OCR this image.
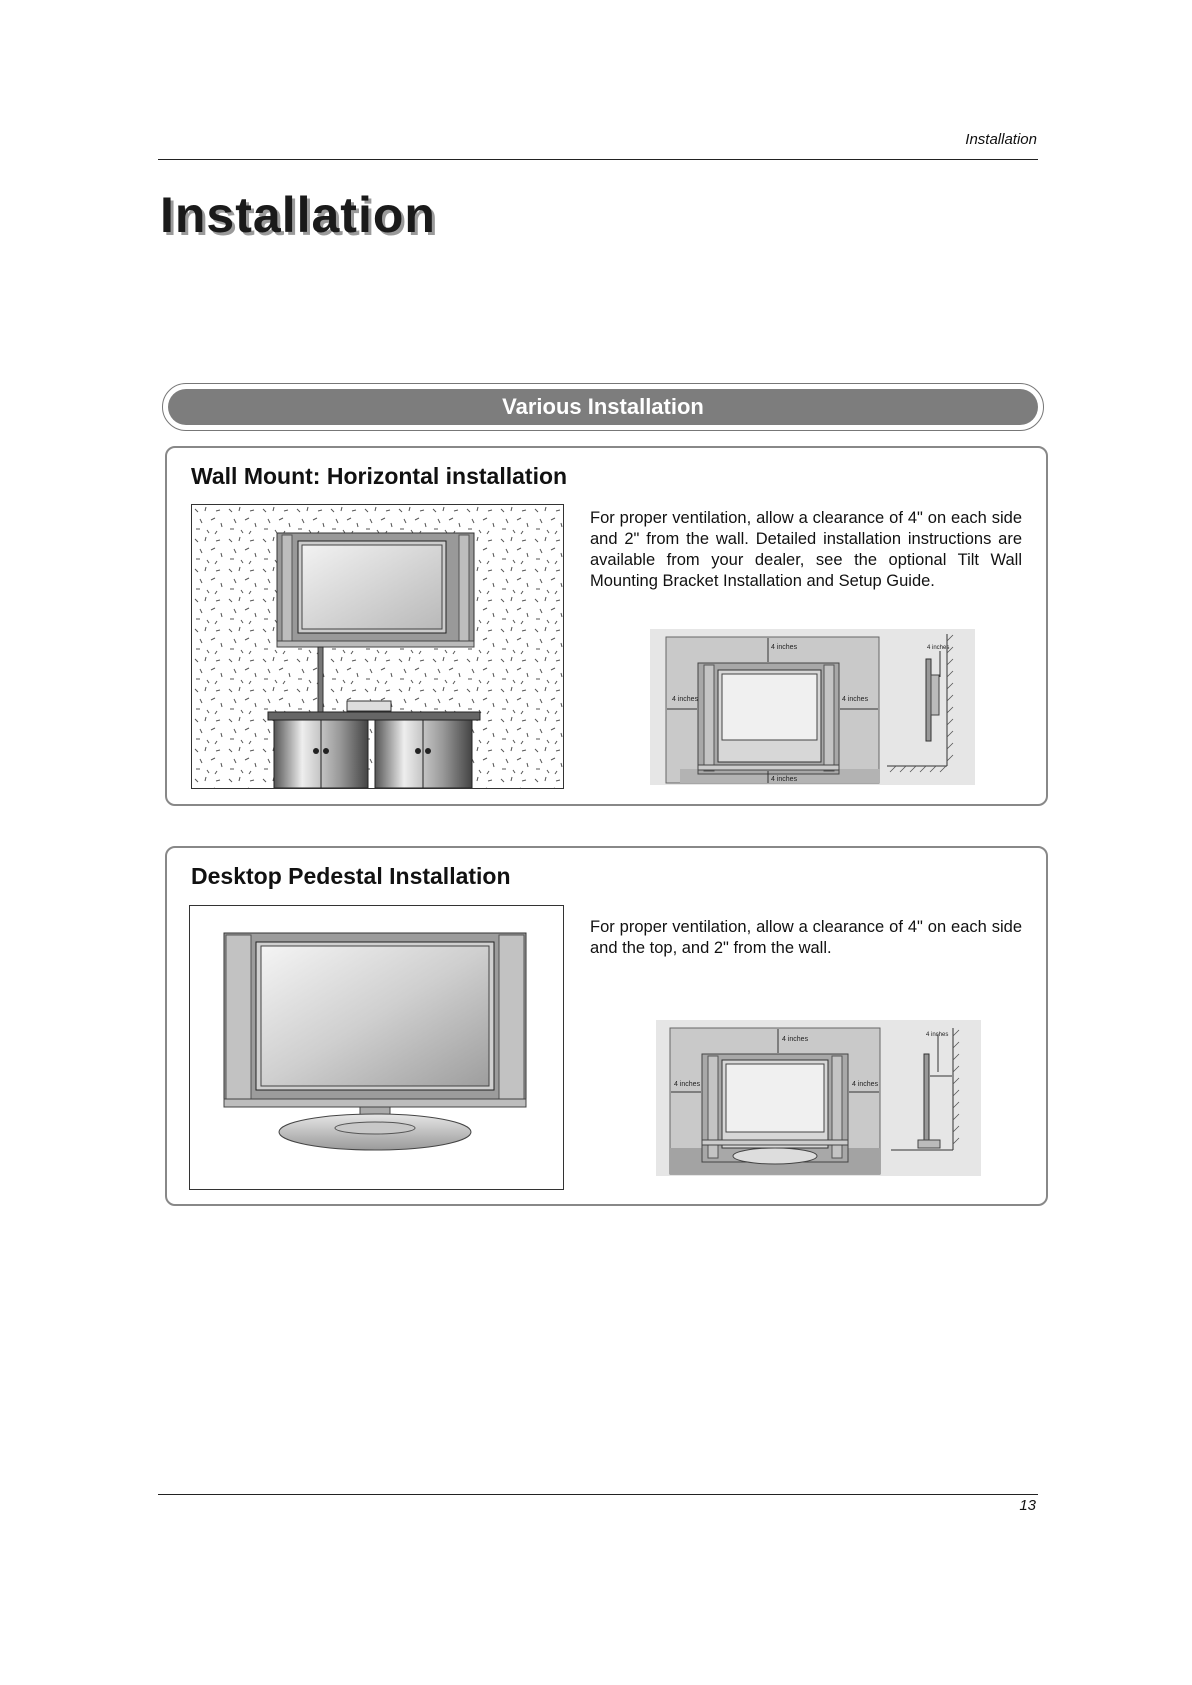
Installation
Installation
Various Installation
Wall Mount: Horizontal installation
For proper ventilation, allow a clearance of 4" on each side and 2" from the wall. Detailed installation instructions are available from your dealer, see the optional Tilt Wall Mounting Bracket Installation and Setup Guide.
4 inches
4 inches	4 inches
4 inches
4 inches
Desktop Pedestal Installation
For proper ventilation, allow a clearance of 4" on each side and the top, and 2" from the wall.
4 inches
4 inches	4 inches
4 inches
13
